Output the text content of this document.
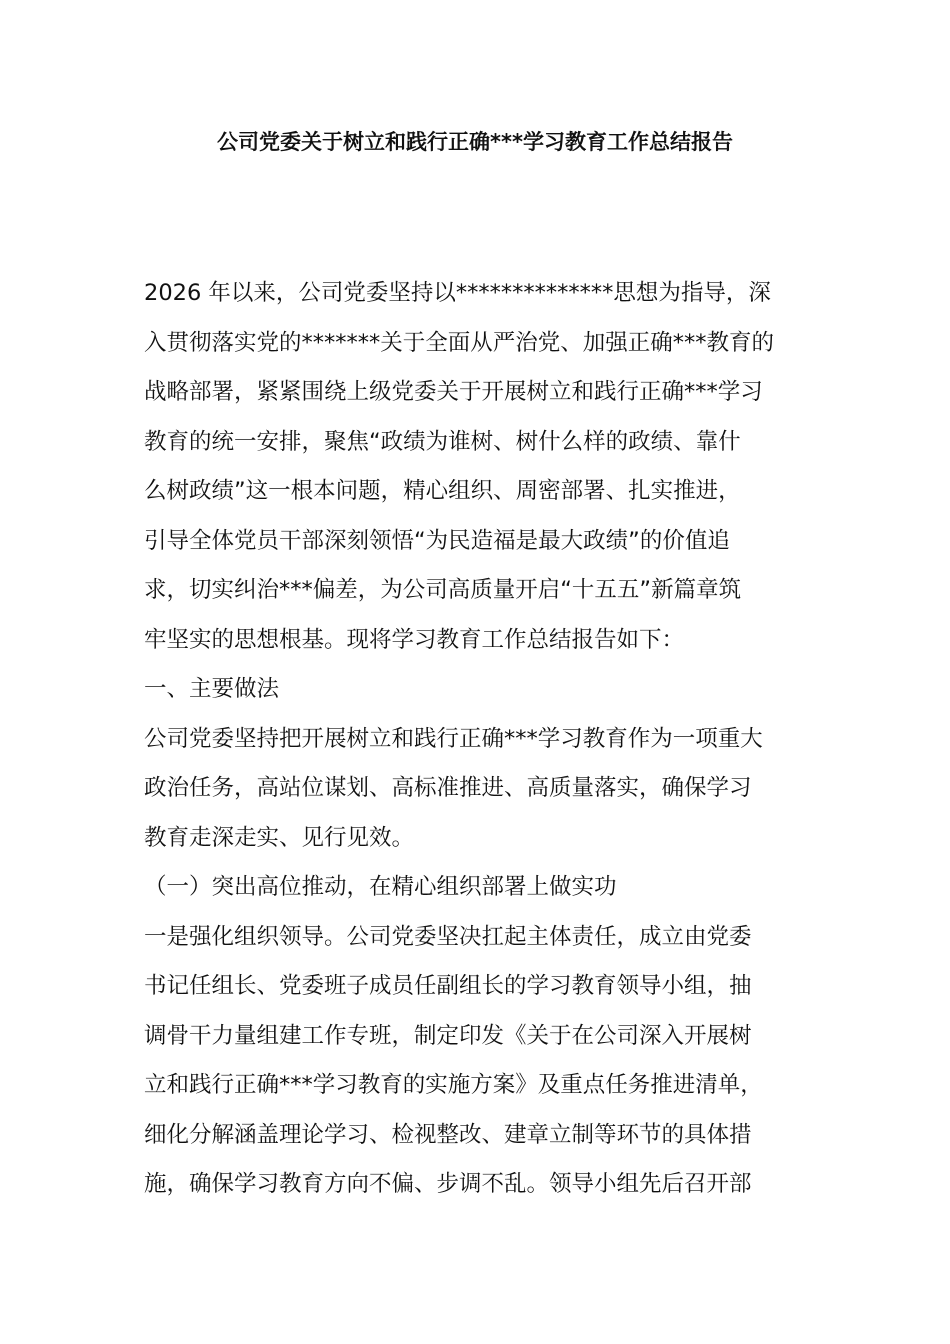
公司党委关于树立和践行正确***学习教育工作总结报告
2026 年以来，公司党委坚持以**************思想为指导，深
入贯彻落实党的*******关于全面从严治党、加强正确***教育的
战略部署，紧紧围绕上级党委关于开展树立和践行正确***学习
教育的统一安排，聚焦“政绩为谁树、树什么样的政绩、靠什
么树政绩”这一根本问题，精心组织、周密部署、扎实推进，
引导全体党员干部深刻领悟“为民造福是最大政绩”的价值追
求，切实纠治***偏差，为公司高质量开启“十五五”新篇章筑
牢坚实的思想根基。现将学习教育工作总结报告如下：
一、主要做法
公司党委坚持把开展树立和践行正确***学习教育作为一项重大
政治任务，高站位谋划、高标准推进、高质量落实，确保学习
教育走深走实、见行见效。
（一）突出高位推动，在精心组织部署上做实功
一是强化组织领导。公司党委坚决扛起主体责任，成立由党委
书记任组长、党委班子成员任副组长的学习教育领导小组，抽
调骨干力量组建工作专班，制定印发《关于在公司深入开展树
立和践行正确***学习教育的实施方案》及重点任务推进清单，
细化分解涵盖理论学习、检视整改、建章立制等环节的具体措
施，确保学习教育方向不偏、步调不乱。领导小组先后召开部
